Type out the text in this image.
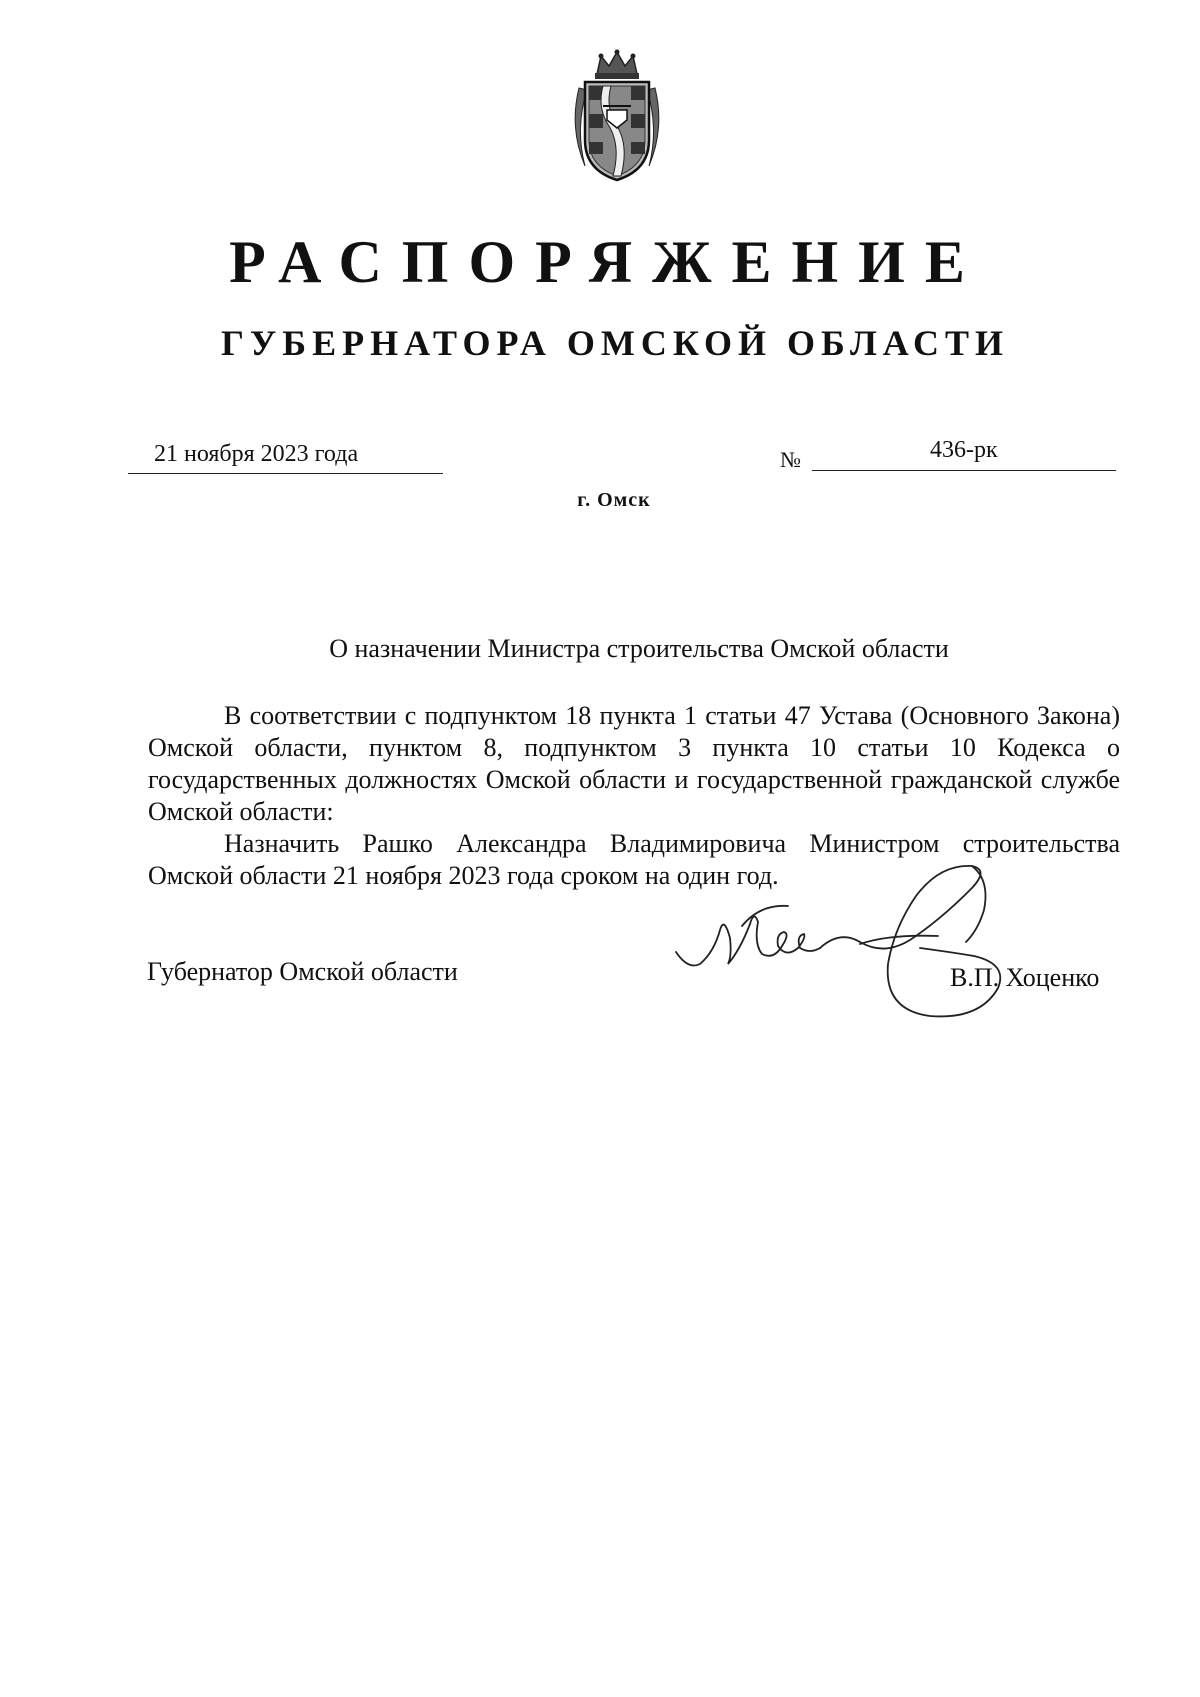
РАСПОРЯЖЕНИЕ
ГУБЕРНАТОРА ОМСКОЙ ОБЛАСТИ
21 ноября 2023 года	№	436-рк
г. Омск
О назначении Министра строительства Омской области

В соответствии с подпунктом 18 пункта 1 статьи 47 Устава (Основного Закона) Омской области, пунктом 8, подпунктом 3 пункта 10 статьи 10 Кодекса о государственных должностях Омской области и государственной гражданской службе Омской области:

Назначить Рашко Александра Владимировича Министром строительства Омской области 21 ноября 2023 года сроком на один год.

Губернатор Омской области	В.П. Хоценко
